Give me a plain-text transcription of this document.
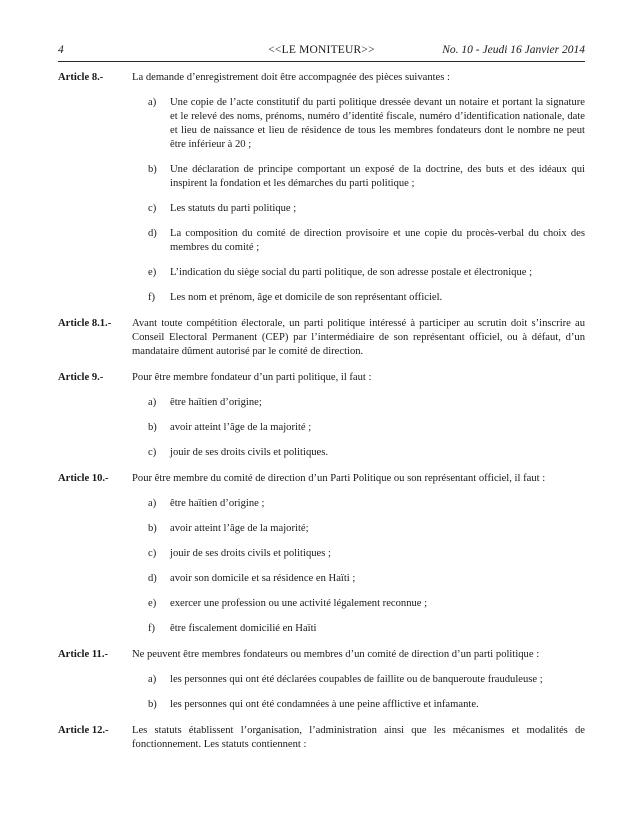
<<LE MONITEUR>>
4	No. 10 - Jeudi 16 Janvier 2014
Article 8.-	La demande d’enregistrement doit être accompagnée des pièces suivantes :
a) Une copie de l’acte constitutif du parti politique dressée devant un notaire et portant la signature et le relevé des noms, prénoms, numéro d’identité fiscale, numéro d’identification nationale, date et lieu de naissance et lieu de résidence de tous les membres fondateurs dont le nombre ne peut être inférieur à 20 ;
b) Une déclaration de principe comportant un exposé de la doctrine, des buts et des idéaux qui inspirent la fondation et les démarches du parti politique ;
c) Les statuts du parti politique ;
d) La composition du comité de direction provisoire et une copie du procès-verbal du choix des membres du comité ;
e) L’indication du siège social du parti politique, de son adresse postale et électronique ;
f) Les nom et prénom, âge et domicile de son représentant officiel.
Article 8.1.-	Avant toute compétition électorale, un parti politique intéressé à participer au scrutin doit s’inscrire au Conseil Electoral Permanent (CEP) par l’intermédiaire de son représentant officiel, ou à défaut, d’un mandataire dûment autorisé par le comité de direction.
Article 9.-	Pour être membre fondateur d’un parti politique, il faut :
a) être haïtien d’origine;
b) avoir atteint l’âge de la majorité ;
c) jouir de ses droits civils et politiques.
Article 10.-	Pour être membre du comité de direction d’un Parti Politique ou son représentant officiel, il faut :
a) être haïtien d’origine ;
b) avoir atteint l’âge de la majorité;
c) jouir de ses droits civils et politiques ;
d) avoir son domicile et sa résidence en Haïti ;
e) exercer une profession ou une activité légalement reconnue ;
f) être fiscalement domicilié en Haïti
Article 11.-	Ne peuvent être membres fondateurs ou membres d’un comité de direction d’un parti politique :
a) les personnes qui ont été déclarées coupables de faillite ou de banqueroute frauduleuse ;
b) les personnes qui ont été condamnées à une peine afflictive et infamante.
Article 12.-	Les statuts établissent l’organisation, l’administration ainsi que les mécanismes et modalités de fonctionnement. Les statuts contiennent :
